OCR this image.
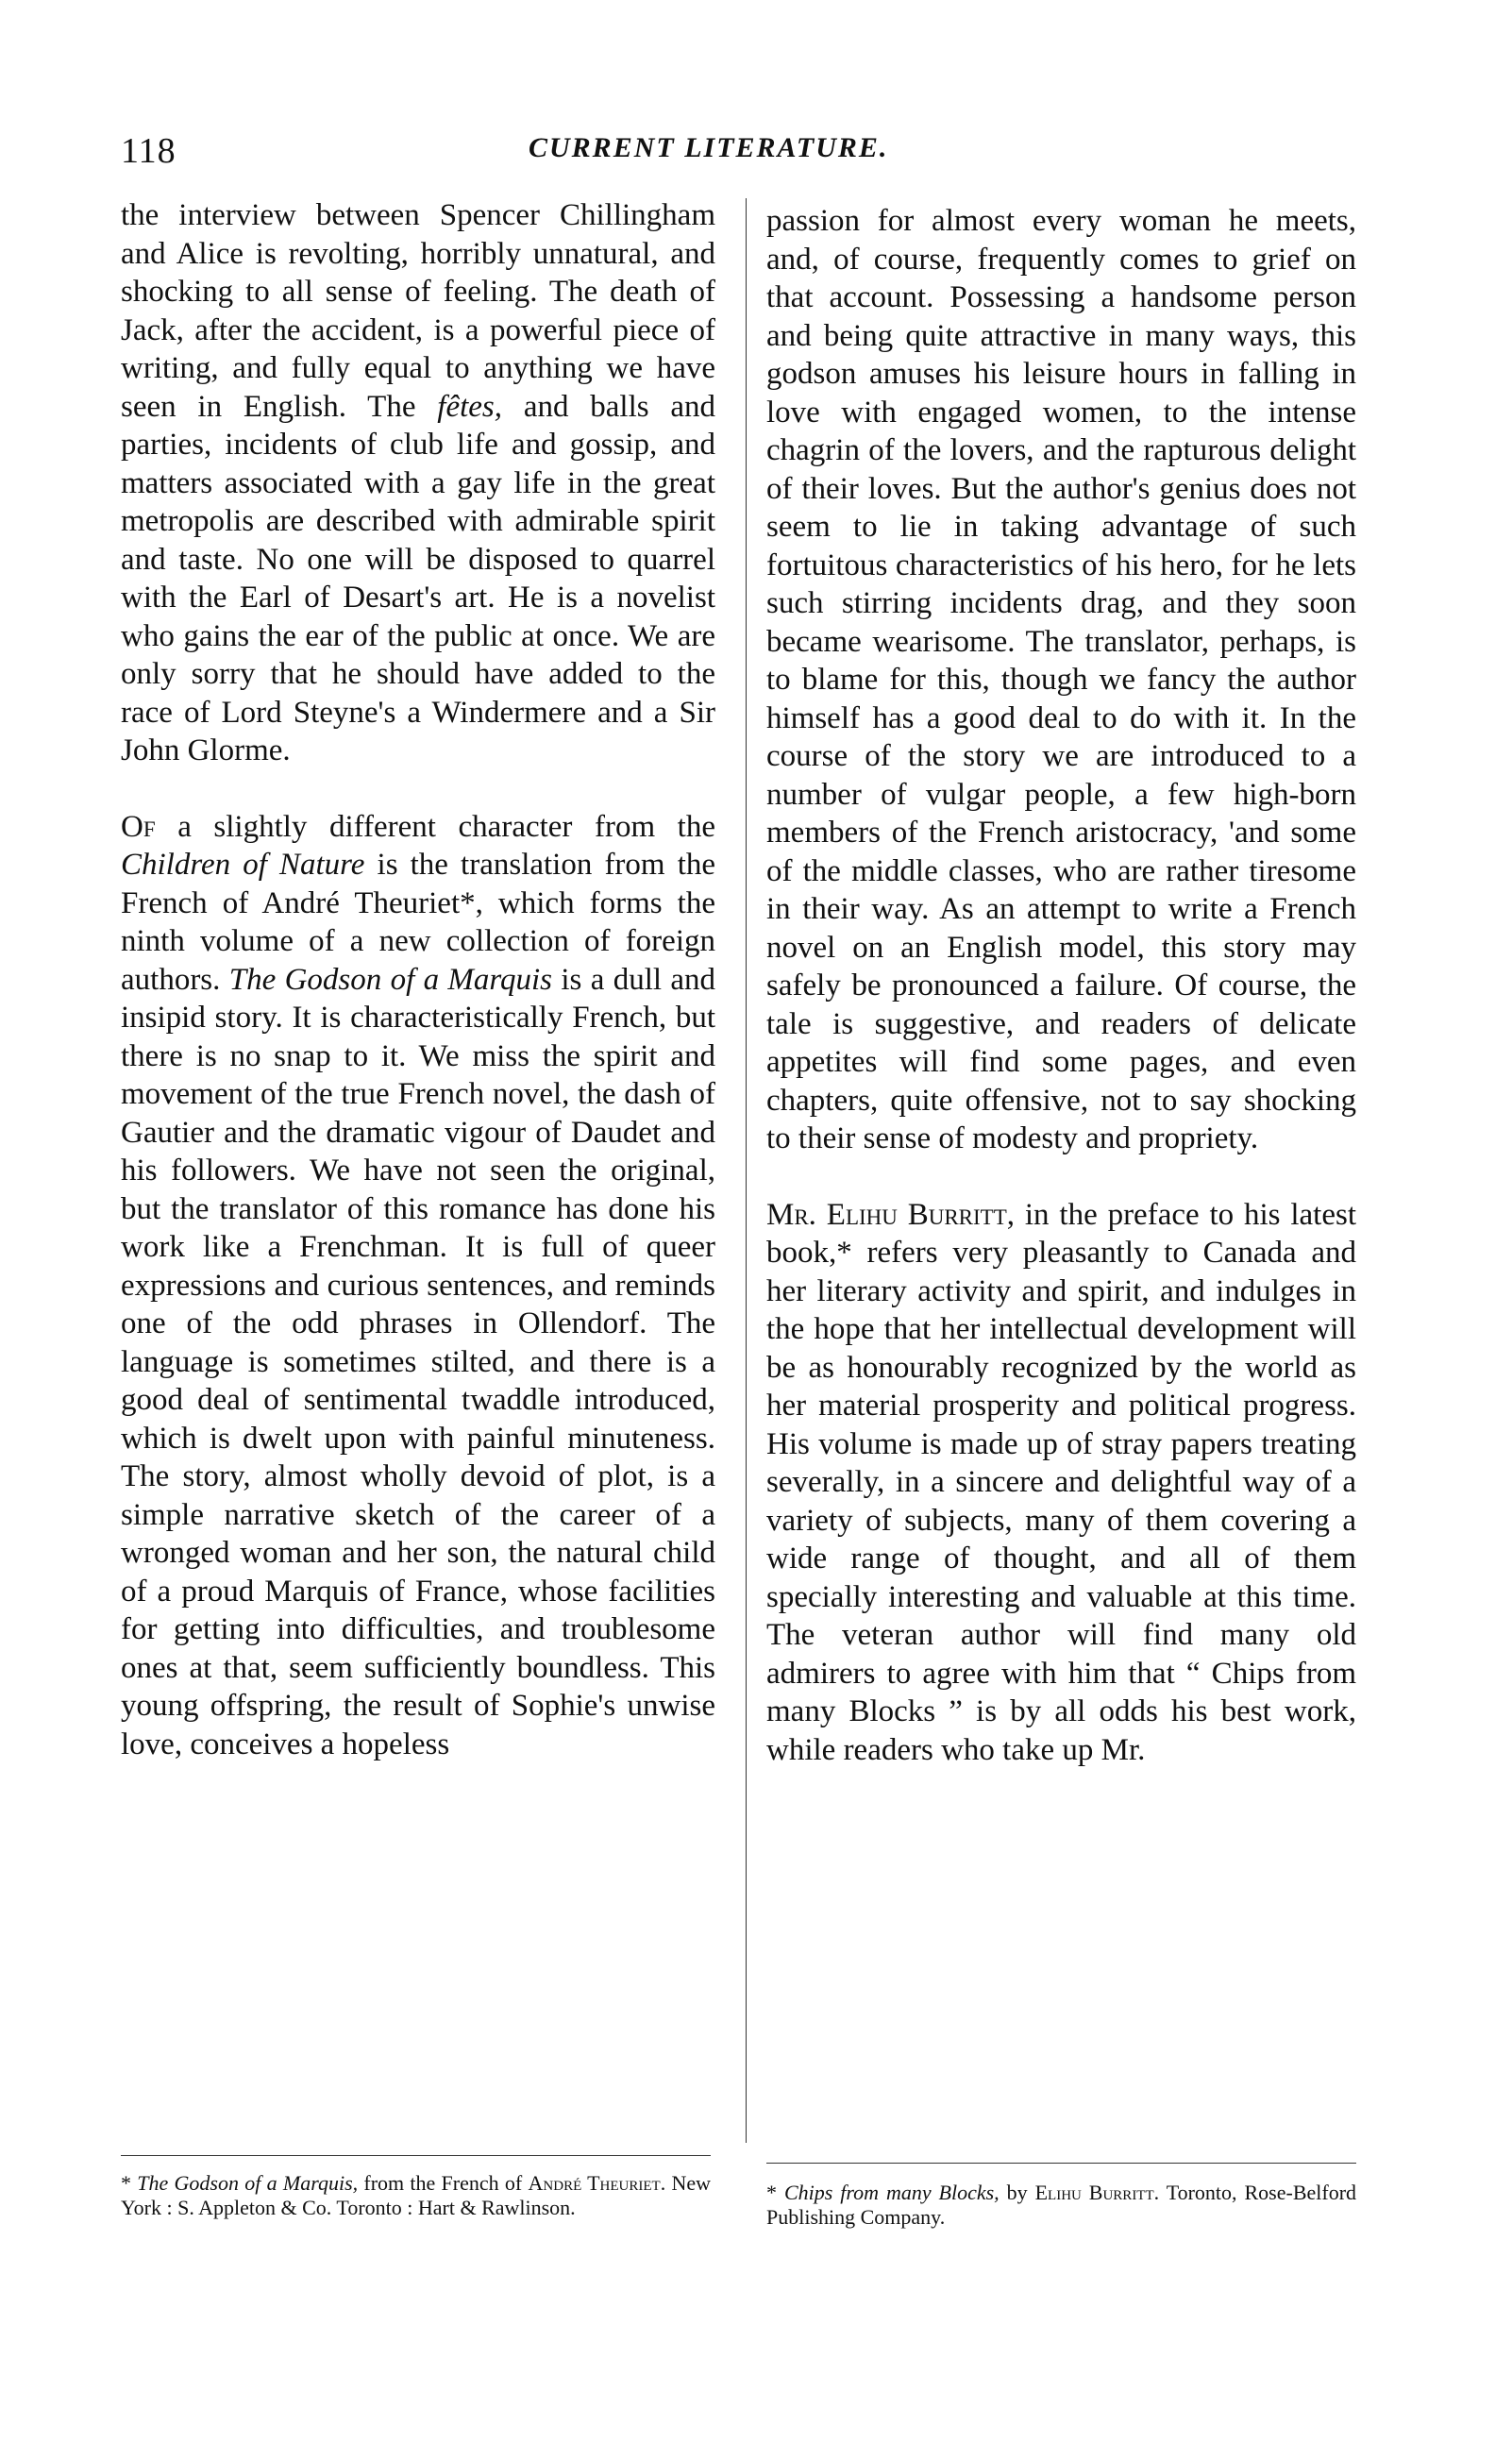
118	CURRENT LITERATURE.

the interview between Spencer Chillingham and Alice is revolting, horribly unnatural, and shocking to all sense of feeling. The death of Jack, after the accident, is a powerful piece of writing, and fully equal to anything we have seen in English. The fêtes, and balls and parties, incidents of club life and gossip, and matters associated with a gay life in the great metropolis are described with admirable spirit and taste. No one will be disposed to quarrel with the Earl of Desart's art. He is a novelist who gains the ear of the public at once. We are only sorry that he should have added to the race of Lord Steyne's a Windermere and a Sir John Glorme.

Of a slightly different character from the Children of Nature is the translation from the French of André Theuriet*, which forms the ninth volume of a new collection of foreign authors. The Godson of a Marquis is a dull and insipid story. It is characteristically French, but there is no snap to it. We miss the spirit and movement of the true French novel, the dash of Gautier and the dramatic vigour of Daudet and his followers. We have not seen the original, but the translator of this romance has done his work like a Frenchman. It is full of queer expressions and curious sentences, and reminds one of the odd phrases in Ollendorf. The language is sometimes stilted, and there is a good deal of sentimental twaddle introduced, which is dwelt upon with painful minuteness. The story, almost wholly devoid of plot, is a simple narrative sketch of the career of a wronged woman and her son, the natural child of a proud Marquis of France, whose facilities for getting into difficulties, and troublesome ones at that, seem sufficiently boundless. This young offspring, the result of Sophie's unwise love, conceives a hopeless

passion for almost every woman he meets, and, of course, frequently comes to grief on that account. Possessing a handsome person and being quite attractive in many ways, this godson amuses his leisure hours in falling in love with engaged women, to the intense chagrin of the lovers, and the rapturous delight of their loves. But the author's genius does not seem to lie in taking advantage of such fortuitous characteristics of his hero, for he lets such stirring incidents drag, and they soon became wearisome. The translator, perhaps, is to blame for this, though we fancy the author himself has a good deal to do with it. In the course of the story we are introduced to a number of vulgar people, a few high-born members of the French aristocracy, 'and some of the middle classes, who are rather tiresome in their way. As an attempt to write a French novel on an English model, this story may safely be pronounced a failure. Of course, the tale is suggestive, and readers of delicate appetites will find some pages, and even chapters, quite offensive, not to say shocking to their sense of modesty and propriety.

Mr. Elihu Burritt, in the preface to his latest book,* refers very pleasantly to Canada and her literary activity and spirit, and indulges in the hope that her intellectual development will be as honourably recognized by the world as her material prosperity and political progress. His volume is made up of stray papers treating severally, in a sincere and delightful way of a variety of subjects, many of them covering a wide range of thought, and all of them specially interesting and valuable at this time. The veteran author will find many old admirers to agree with him that “ Chips from many Blocks ” is by all odds his best work, while readers who take up Mr.

* The Godson of a Marquis, from the French of André Theuriet. New York : S. Appleton & Co. Toronto : Hart & Rawlinson.
* Chips from many Blocks, by Elihu Burritt. Toronto, Rose-Belford Publishing Company.
